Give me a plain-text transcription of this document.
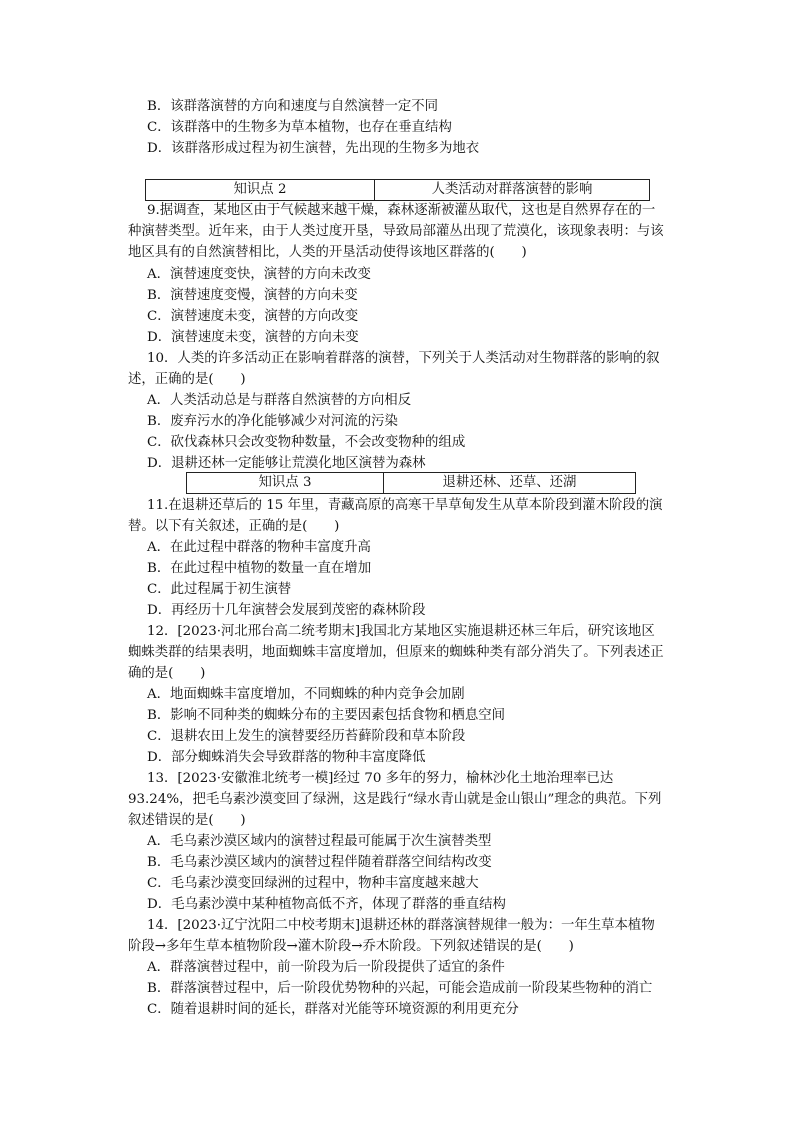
B．该群落演替的方向和速度与自然演替一定不同
C．该群落中的生物多为草本植物，也存在垂直结构
D．该群落形成过程为初生演替，先出现的生物多为地衣
知识点 2	人类活动对群落演替的影响
9.据调查，某地区由于气候越来越干燥，森林逐渐被灌丛取代，这也是自然界存在的一
种演替类型。近年来，由于人类过度开垦，导致局部灌丛出现了荒漠化，该现象表明：与该
地区具有的自然演替相比，人类的开垦活动使得该地区群落的(　　)
A．演替速度变快，演替的方向未改变
B．演替速度变慢，演替的方向未变
C．演替速度未变，演替的方向改变
D．演替速度未变，演替的方向未变
10．人类的许多活动正在影响着群落的演替，下列关于人类活动对生物群落的影响的叙
述，正确的是(　　)
A．人类活动总是与群落自然演替的方向相反
B．废弃污水的净化能够减少对河流的污染
C．砍伐森林只会改变物种数量，不会改变物种的组成
D．退耕还林一定能够让荒漠化地区演替为森林
知识点 3	退耕还林、还草、还湖
11.在退耕还草后的 15 年里，青藏高原的高寒干旱草甸发生从草本阶段到灌木阶段的演
替。以下有关叙述，正确的是(　　)
A．在此过程中群落的物种丰富度升高
B．在此过程中植物的数量一直在增加
C．此过程属于初生演替
D．再经历十几年演替会发展到茂密的森林阶段
12．[2023·河北邢台高二统考期末]我国北方某地区实施退耕还林三年后，研究该地区
蜘蛛类群的结果表明，地面蜘蛛丰富度增加，但原来的蜘蛛种类有部分消失了。下列表述正
确的是(　　)
A．地面蜘蛛丰富度增加，不同蜘蛛的种内竞争会加剧
B．影响不同种类的蜘蛛分布的主要因素包括食物和栖息空间
C．退耕农田上发生的演替要经历苔藓阶段和草本阶段
D．部分蜘蛛消失会导致群落的物种丰富度降低
13．[2023·安徽淮北统考一模]经过 70 多年的努力，榆林沙化土地治理率已达
93.24%，把毛乌素沙漠变回了绿洲，这是践行“绿水青山就是金山银山”理念的典范。下列
叙述错误的是(　　)
A．毛乌素沙漠区域内的演替过程最可能属于次生演替类型
B．毛乌素沙漠区域内的演替过程伴随着群落空间结构改变
C．毛乌素沙漠变回绿洲的过程中，物种丰富度越来越大
D．毛乌素沙漠中某种植物高低不齐，体现了群落的垂直结构
14．[2023·辽宁沈阳二中校考期末]退耕还林的群落演替规律一般为：一年生草本植物
阶段→多年生草本植物阶段→灌木阶段→乔木阶段。下列叙述错误的是(　　)
A．群落演替过程中，前一阶段为后一阶段提供了适宜的条件
B．群落演替过程中，后一阶段优势物种的兴起，可能会造成前一阶段某些物种的消亡
C．随着退耕时间的延长，群落对光能等环境资源的利用更充分
